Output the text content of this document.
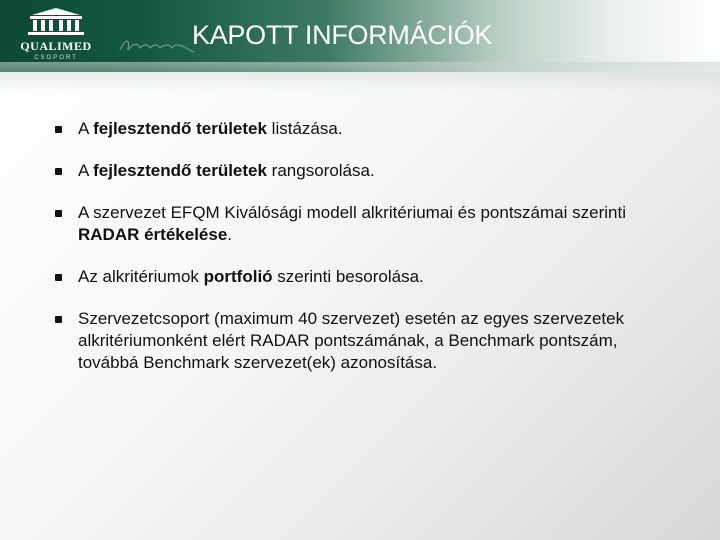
QUALIMED
CSOPORT
KAPOTT INFORMÁCIÓK
A fejlesztendő területek listázása.
A fejlesztendő területek rangsorolása.
A szervezet EFQM Kiválósági modell alkritériumai és pontszámai szerinti RADAR értékelése.
Az alkritériumok portfolió szerinti besorolása.
Szervezetcsoport (maximum 40 szervezet) esetén az egyes szervezetek alkritériumonként elért RADAR pontszámának, a Benchmark pontszám, továbbá Benchmark szervezet(ek) azonosítása.
